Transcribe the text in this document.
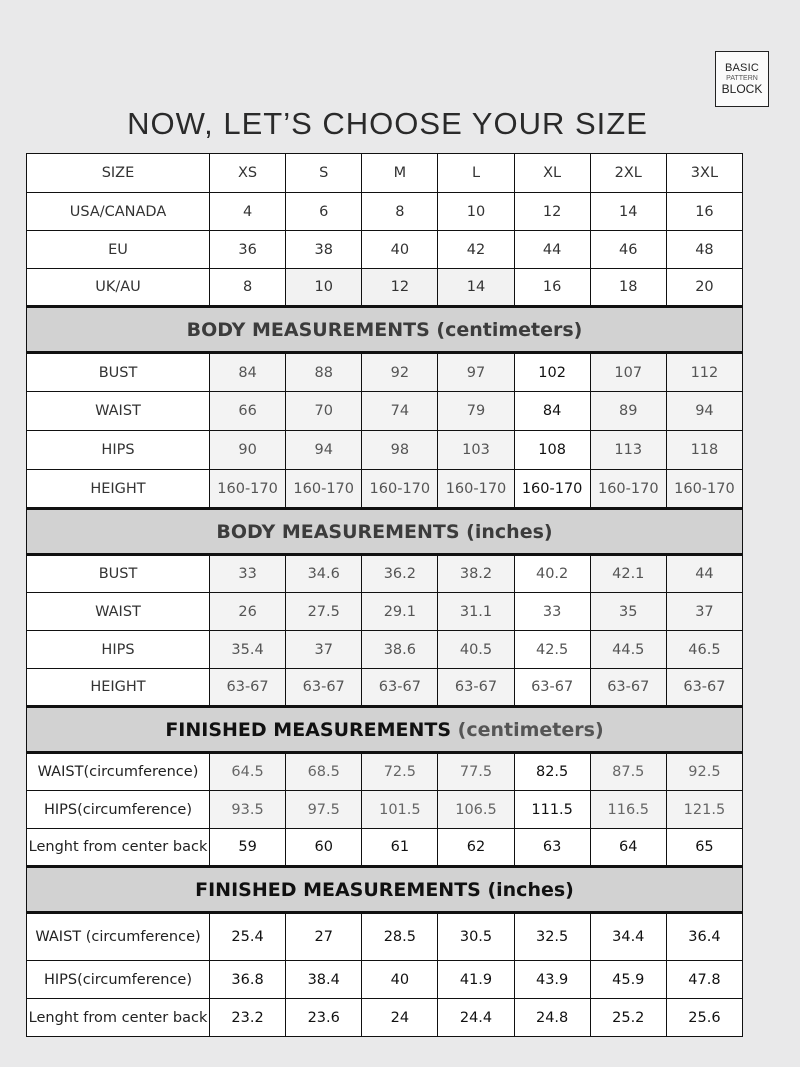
BASIC
PATTERN
BLOCK
NOW, LET’S CHOOSE YOUR SIZE
SIZE	XS	S	M	L	XL	2XL	3XL
USA/CANADA	4	6	8	10	12	14	16
EU	36	38	40	42	44	46	48
UK/AU	8	10	12	14	16	18	20
BODY MEASUREMENTS (centimeters)							
BUST	84	88	92	97	102	107	112
WAIST	66	70	74	79	84	89	94
HIPS	90	94	98	103	108	113	118
HEIGHT	160-170	160-170	160-170	160-170	160-170	160-170	160-170
BODY MEASUREMENTS (inches)							
BUST	33	34.6	36.2	38.2	40.2	42.1	44
WAIST	26	27.5	29.1	31.1	33	35	37
HIPS	35.4	37	38.6	40.5	42.5	44.5	46.5
HEIGHT	63-67	63-67	63-67	63-67	63-67	63-67	63-67
FINISHED MEASUREMENTS (centimeters)							
WAIST(circumference)	64.5	68.5	72.5	77.5	82.5	87.5	92.5
HIPS(circumference)	93.5	97.5	101.5	106.5	111.5	116.5	121.5
Lenght from center back	59	60	61	62	63	64	65
FINISHED MEASUREMENTS (inches)							
WAIST (circumference)	25.4	27	28.5	30.5	32.5	34.4	36.4
HIPS(circumference)	36.8	38.4	40	41.9	43.9	45.9	47.8
Lenght from center back	23.2	23.6	24	24.4	24.8	25.2	25.6
